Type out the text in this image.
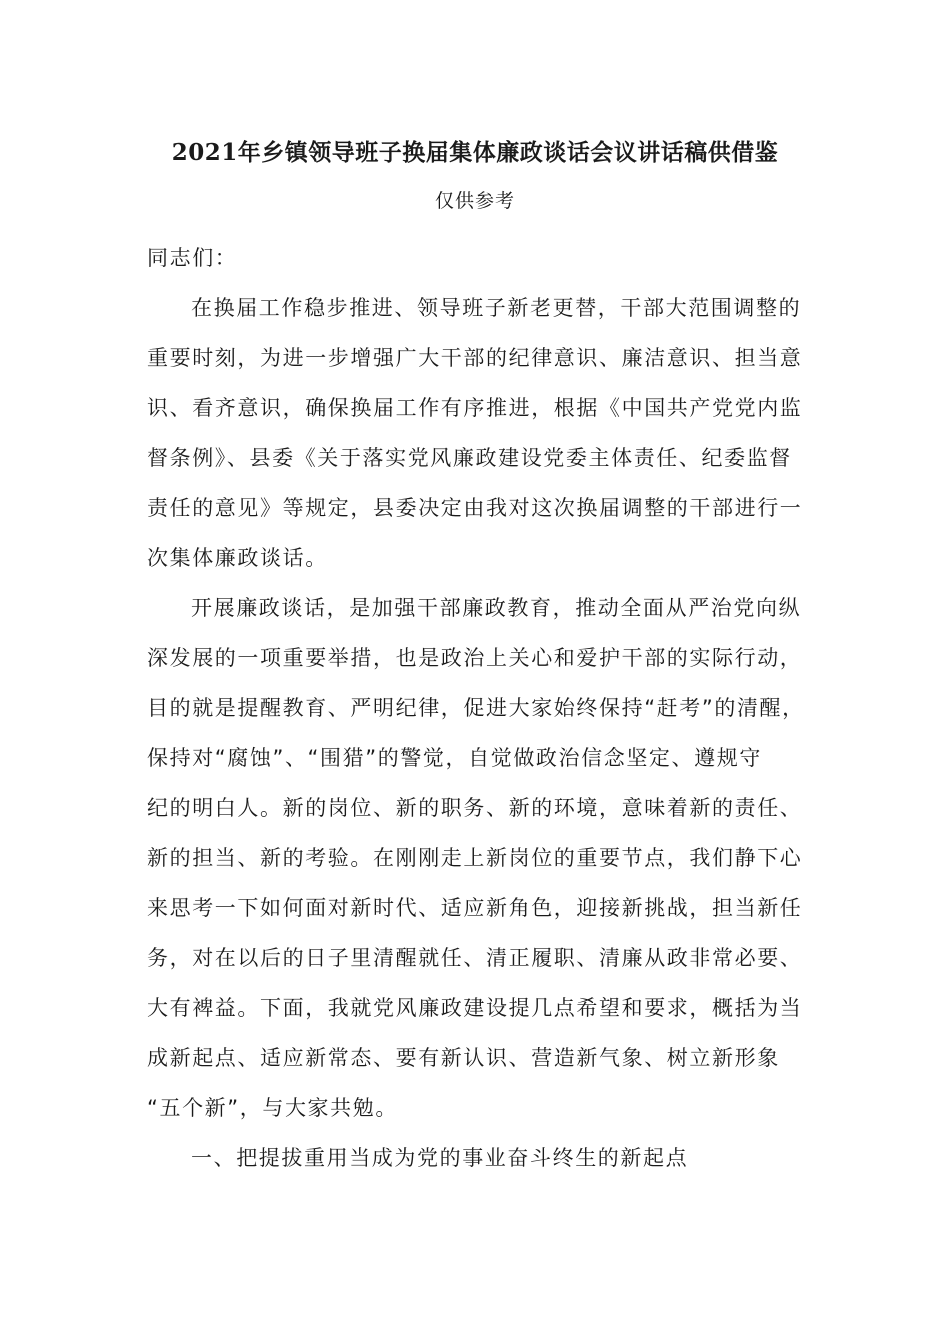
2021年乡镇领导班子换届集体廉政谈话会议讲话稿供借鉴
仅供参考
同志们：
在换届工作稳步推进、领导班子新老更替，干部大范围调整的
重要时刻，为进一步增强广大干部的纪律意识、廉洁意识、担当意
识、看齐意识，确保换届工作有序推进，根据《中国共产党党内监
督条例》、县委《关于落实党风廉政建设党委主体责任、纪委监督
责任的意见》等规定，县委决定由我对这次换届调整的干部进行一
次集体廉政谈话。
开展廉政谈话，是加强干部廉政教育，推动全面从严治党向纵
深发展的一项重要举措，也是政治上关心和爱护干部的实际行动，
目的就是提醒教育、严明纪律，促进大家始终保持“赶考”的清醒，
保持对“腐蚀”、“围猎”的警觉，自觉做政治信念坚定、遵规守
纪的明白人。新的岗位、新的职务、新的环境，意味着新的责任、
新的担当、新的考验。在刚刚走上新岗位的重要节点，我们静下心
来思考一下如何面对新时代、适应新角色，迎接新挑战，担当新任
务，对在以后的日子里清醒就任、清正履职、清廉从政非常必要、
大有裨益。下面，我就党风廉政建设提几点希望和要求，概括为当
成新起点、适应新常态、要有新认识、营造新气象、树立新形象
“五个新”，与大家共勉。
一、把提拔重用当成为党的事业奋斗终生的新起点
